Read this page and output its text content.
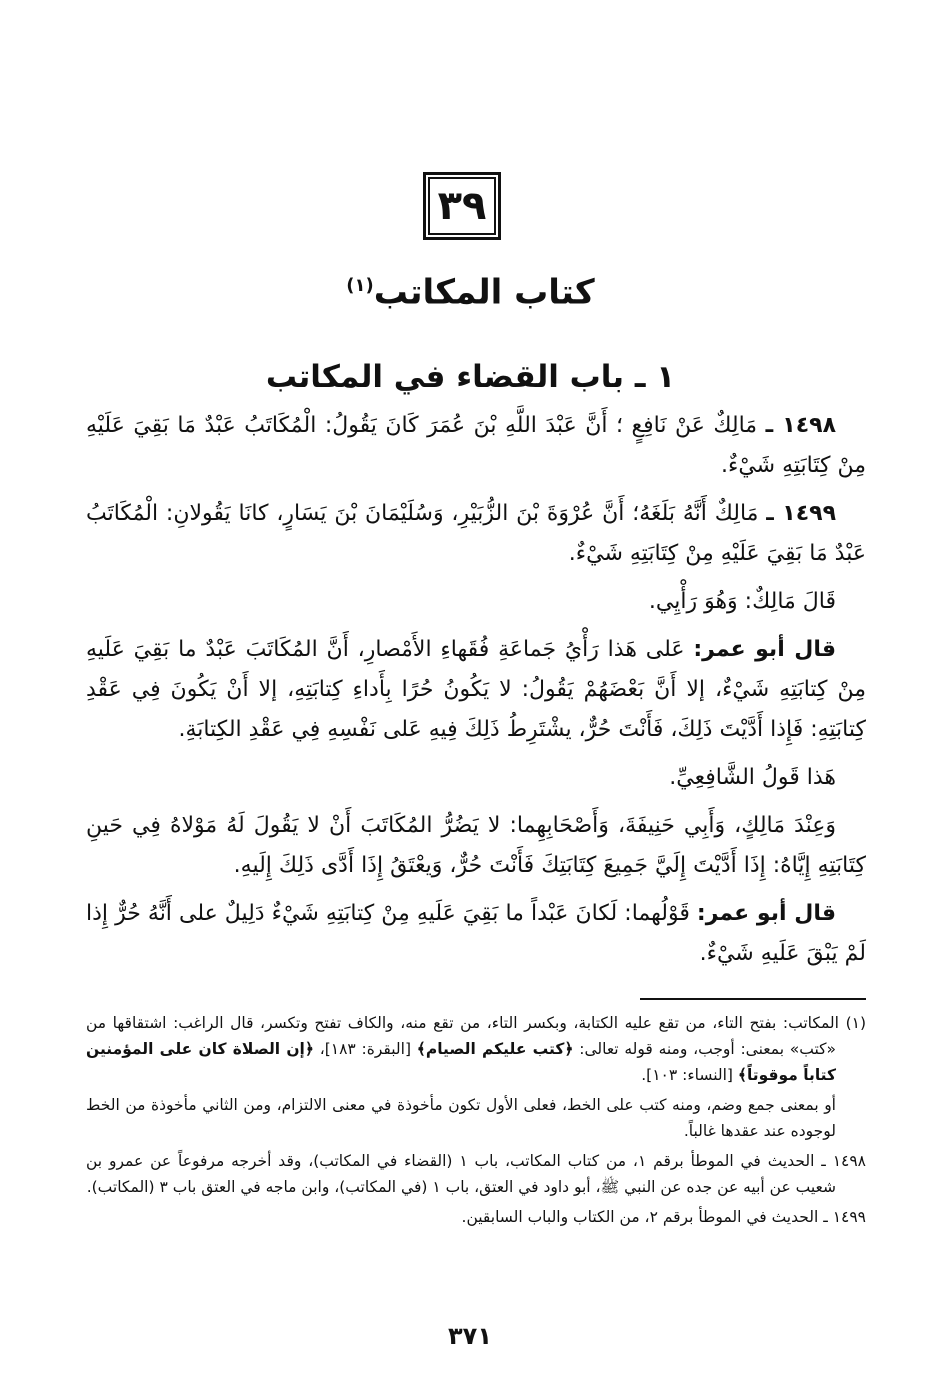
٣٩
كتاب المكاتب$^{(١)}$
١ ـ باب القضاء في المكاتب

١٤٩٨ ـ مَالِكٌ عَنْ نَافِعٍ ؛ أَنَّ عَبْدَ اللَّهِ بْنَ عُمَرَ كَانَ يَقُولُ: الْمُكَاتَبُ عَبْدٌ مَا بَقِيَ عَلَيْهِ مِنْ كِتَابَتِهِ شَيْءٌ.

١٤٩٩ ـ مَالِكٌ أَنَّهُ بَلَغَهُ؛ أَنَّ عُرْوَةَ بْنَ الزُّبَيْرِ، وَسُلَيْمَانَ بْنَ يَسَارٍ، كانَا يَقُولانِ: الْمُكَاتَبُ عَبْدٌ مَا بَقِيَ عَلَيْهِ مِنْ كِتَابَتِهِ شَيْءٌ.

قَالَ مَالِكٌ: وَهُوَ رَأْيِي.

قال أبو عمر: عَلى هَذا رَأْيُ جَماعَةِ فُقَهاءِ الأَمْصارِ، أَنَّ المُكَاتَبَ عَبْدٌ ما بَقِيَ عَلَيهِ مِنْ كِتابَتِهِ شَيْءٌ، إلا أَنَّ بَعْضَهُمْ يَقُولُ: لا يَكُونُ حُرًا بِأَداءِ كِتابَتِهِ، إلا أَنْ يَكُونَ فِي عَقْدِ كِتابَتِهِ: فَإِذا أَدَّيْتَ ذَلِكَ، فَأَنْتَ حُرٌّ، يشْتَرِطُ ذَلِكَ فِيهِ عَلى نَفْسِهِ فِي عَقْدِ الكِتابَةِ.

هَذا قَولُ الشَّافِعِيِّ.

وَعِنْدَ مَالِكٍ، وَأَبِي حَنِيفَةَ، وَأَصْحَابِهِما: لا يَضُرُّ المُكَاتَبَ أَنْ لا يَقُولَ لَهُ مَوْلاهُ فِي حَينِ كِتَابَتِهِ إِيَّاهُ: إِذَا أَدَّيْتَ إِلَيَّ جَمِيعَ كِتَابَتِكَ فَأَنْتَ حُرٌّ، وَيعْتَقُ إِذَا أَدَّى ذَلِكَ إِلَيهِ.

قال أبو عمر: قَوْلُهما: لَكانَ عَبْداً ما بَقِيَ عَلَيهِ مِنْ كِتابَتِهِ شَيْءٌ دَلِيلٌ على أَنَّهُ حُرٌّ إِذا لَمْ يَبْقَ عَلَيهِ شَيْءٌ.

(١) المكاتب: بفتح التاء، من تقع عليه الكتابة، وبكسر التاء، من تقع منه، والكاف تفتح وتكسر، قال الراغب: اشتقاقها من «كتب» بمعنى: أوجب، ومنه قوله تعالى: ﴿كتب عليكم الصيام﴾ [البقرة: ١٨٣]، ﴿إن الصلاة كان على المؤمنين كتاباً موقوتاً﴾ [النساء: ١٠٣].

أو بمعنى جمع وضم، ومنه كتب على الخط، فعلى الأول تكون مأخوذة في معنى الالتزام، ومن الثاني مأخوذة من الخط لوجوده عند عقدها غالباً.

١٤٩٨ ـ الحديث في الموطأ برقم ١، من كتاب المكاتب، باب ١ (القضاء في المكاتب)، وقد أخرجه مرفوعاً عن عمرو بن شعيب عن أبيه عن جده عن النبي ﷺ، أبو داود في العتق، باب ١ (في المكاتب)، وابن ماجه في العتق باب ٣ (المكاتب).

١٤٩٩ ـ الحديث في الموطأ برقم ٢، من الكتاب والباب السابقين.

٣٧١
